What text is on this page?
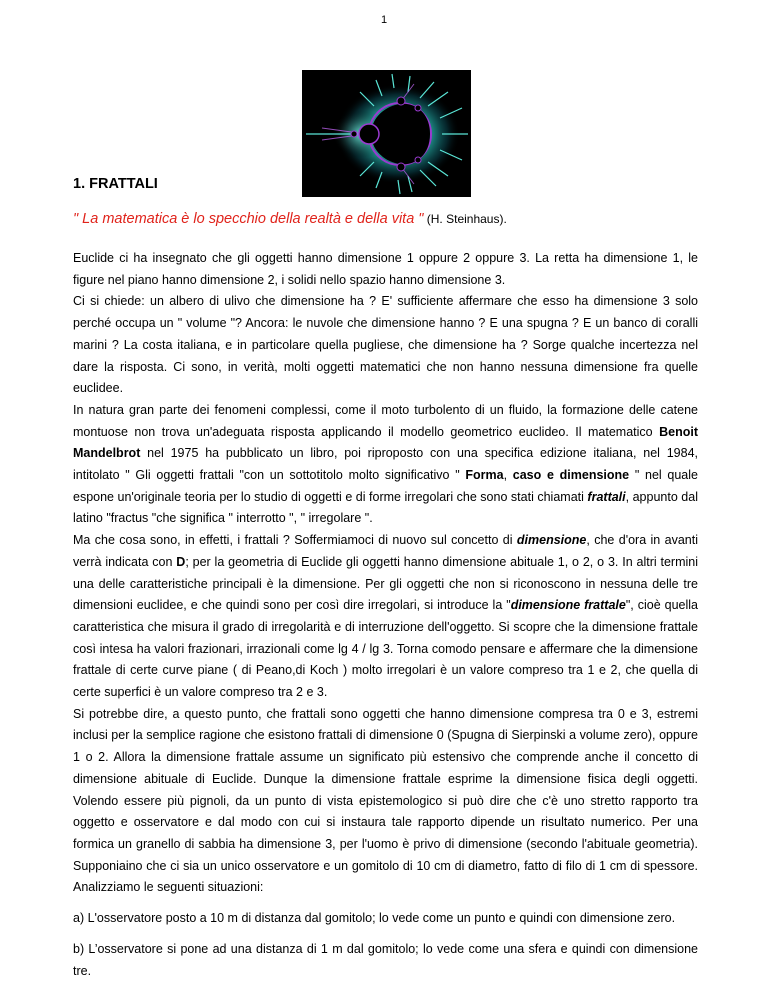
1
1. FRATTALI
" La matematica è lo specchio della realtà e della vita " (H. Steinhaus).

Euclide ci ha insegnato che gli oggetti hanno dimensione 1 oppure 2 oppure 3. La retta ha dimensione 1, le figure nel piano hanno dimensione 2, i solidi nello spazio hanno dimensione 3.

Ci si chiede: un albero di ulivo che dimensione ha ? E' sufficiente affermare che esso ha dimensione 3 solo perché occupa un " volume "? Ancora: le nuvole che dimensione hanno ? E una spugna ? E un banco di coralli marini ? La costa italiana, e in particolare quella pugliese, che dimensione ha ? Sorge qualche incertezza nel dare la risposta. Ci sono, in verità, molti oggetti matematici che non hanno nessuna dimensione fra quelle euclidee.

In natura gran parte dei fenomeni complessi, come il moto turbolento di un fluido, la formazione delle catene montuose non trova un'adeguata risposta applicando il modello geometrico euclideo. Il matematico Benoit Mandelbrot nel 1975 ha pubblicato un libro, poi riproposto con una specifica edizione italiana, nel 1984, intitolato " Gli oggetti frattali "con un sottotitolo molto significativo " Forma, caso e dimensione " nel quale espone un'originale teoria per lo studio di oggetti e di forme irregolari che sono stati chiamati frattali, appunto dal latino "fractus "che significa " interrotto ", " irregolare ".

Ma che cosa sono, in effetti, i frattali ? Soffermiamoci di nuovo sul concetto di dimensione, che d'ora in avanti verrà indicata con D; per la geometria di Euclide gli oggetti hanno dimensione abituale 1, o 2, o 3. In altri termini una delle caratteristiche principali è la dimensione. Per gli oggetti che non si riconoscono in nessuna delle tre dimensioni euclidee, e che quindi sono per così dire irregolari, si introduce la "dimensione frattale", cioè quella caratteristica che misura il grado di irregolarità e di interruzione dell'oggetto. Si scopre che la dimensione frattale così intesa ha valori frazionari, irrazionali come lg 4 / lg 3. Torna comodo pensare e affermare che la dimensione frattale di certe curve piane ( di Peano,di Koch ) molto irregolari è un valore compreso tra 1 e 2, che quella di certe superfici è un valore compreso tra 2 e 3.

Si potrebbe dire, a questo punto, che frattali sono oggetti che hanno dimensione compresa tra 0 e 3, estremi inclusi per la semplice ragione che esistono frattali di dimensione 0 (Spugna di Sierpinski a volume zero), oppure 1 o 2. Allora la dimensione frattale assume un significato più estensivo che comprende anche il concetto di dimensione abituale di Euclide. Dunque la dimensione frattale esprime la dimensione fisica degli oggetti. Volendo essere più pignoli, da un punto di vista epistemologico si può dire che c'è uno stretto rapporto tra oggetto e osservatore e dal modo con cui si instaura tale rapporto dipende un risultato numerico. Per una formica un granello di sabbia ha dimensione 3, per l'uomo è privo di dimensione (secondo l'abituale geometria). Supponiaino che ci sia un unico osservatore e un gomitolo di 10 cm di diametro, fatto di filo di 1 cm di spessore. Analizziamo le seguenti situazioni:

a) L'osservatore posto a 10 m di distanza dal gomitolo; lo vede come un punto e quindi con dimensione zero.

b) L’osservatore si pone ad una distanza di 1 m dal gomitolo; lo vede come una sfera e quindi con dimensione tre.
